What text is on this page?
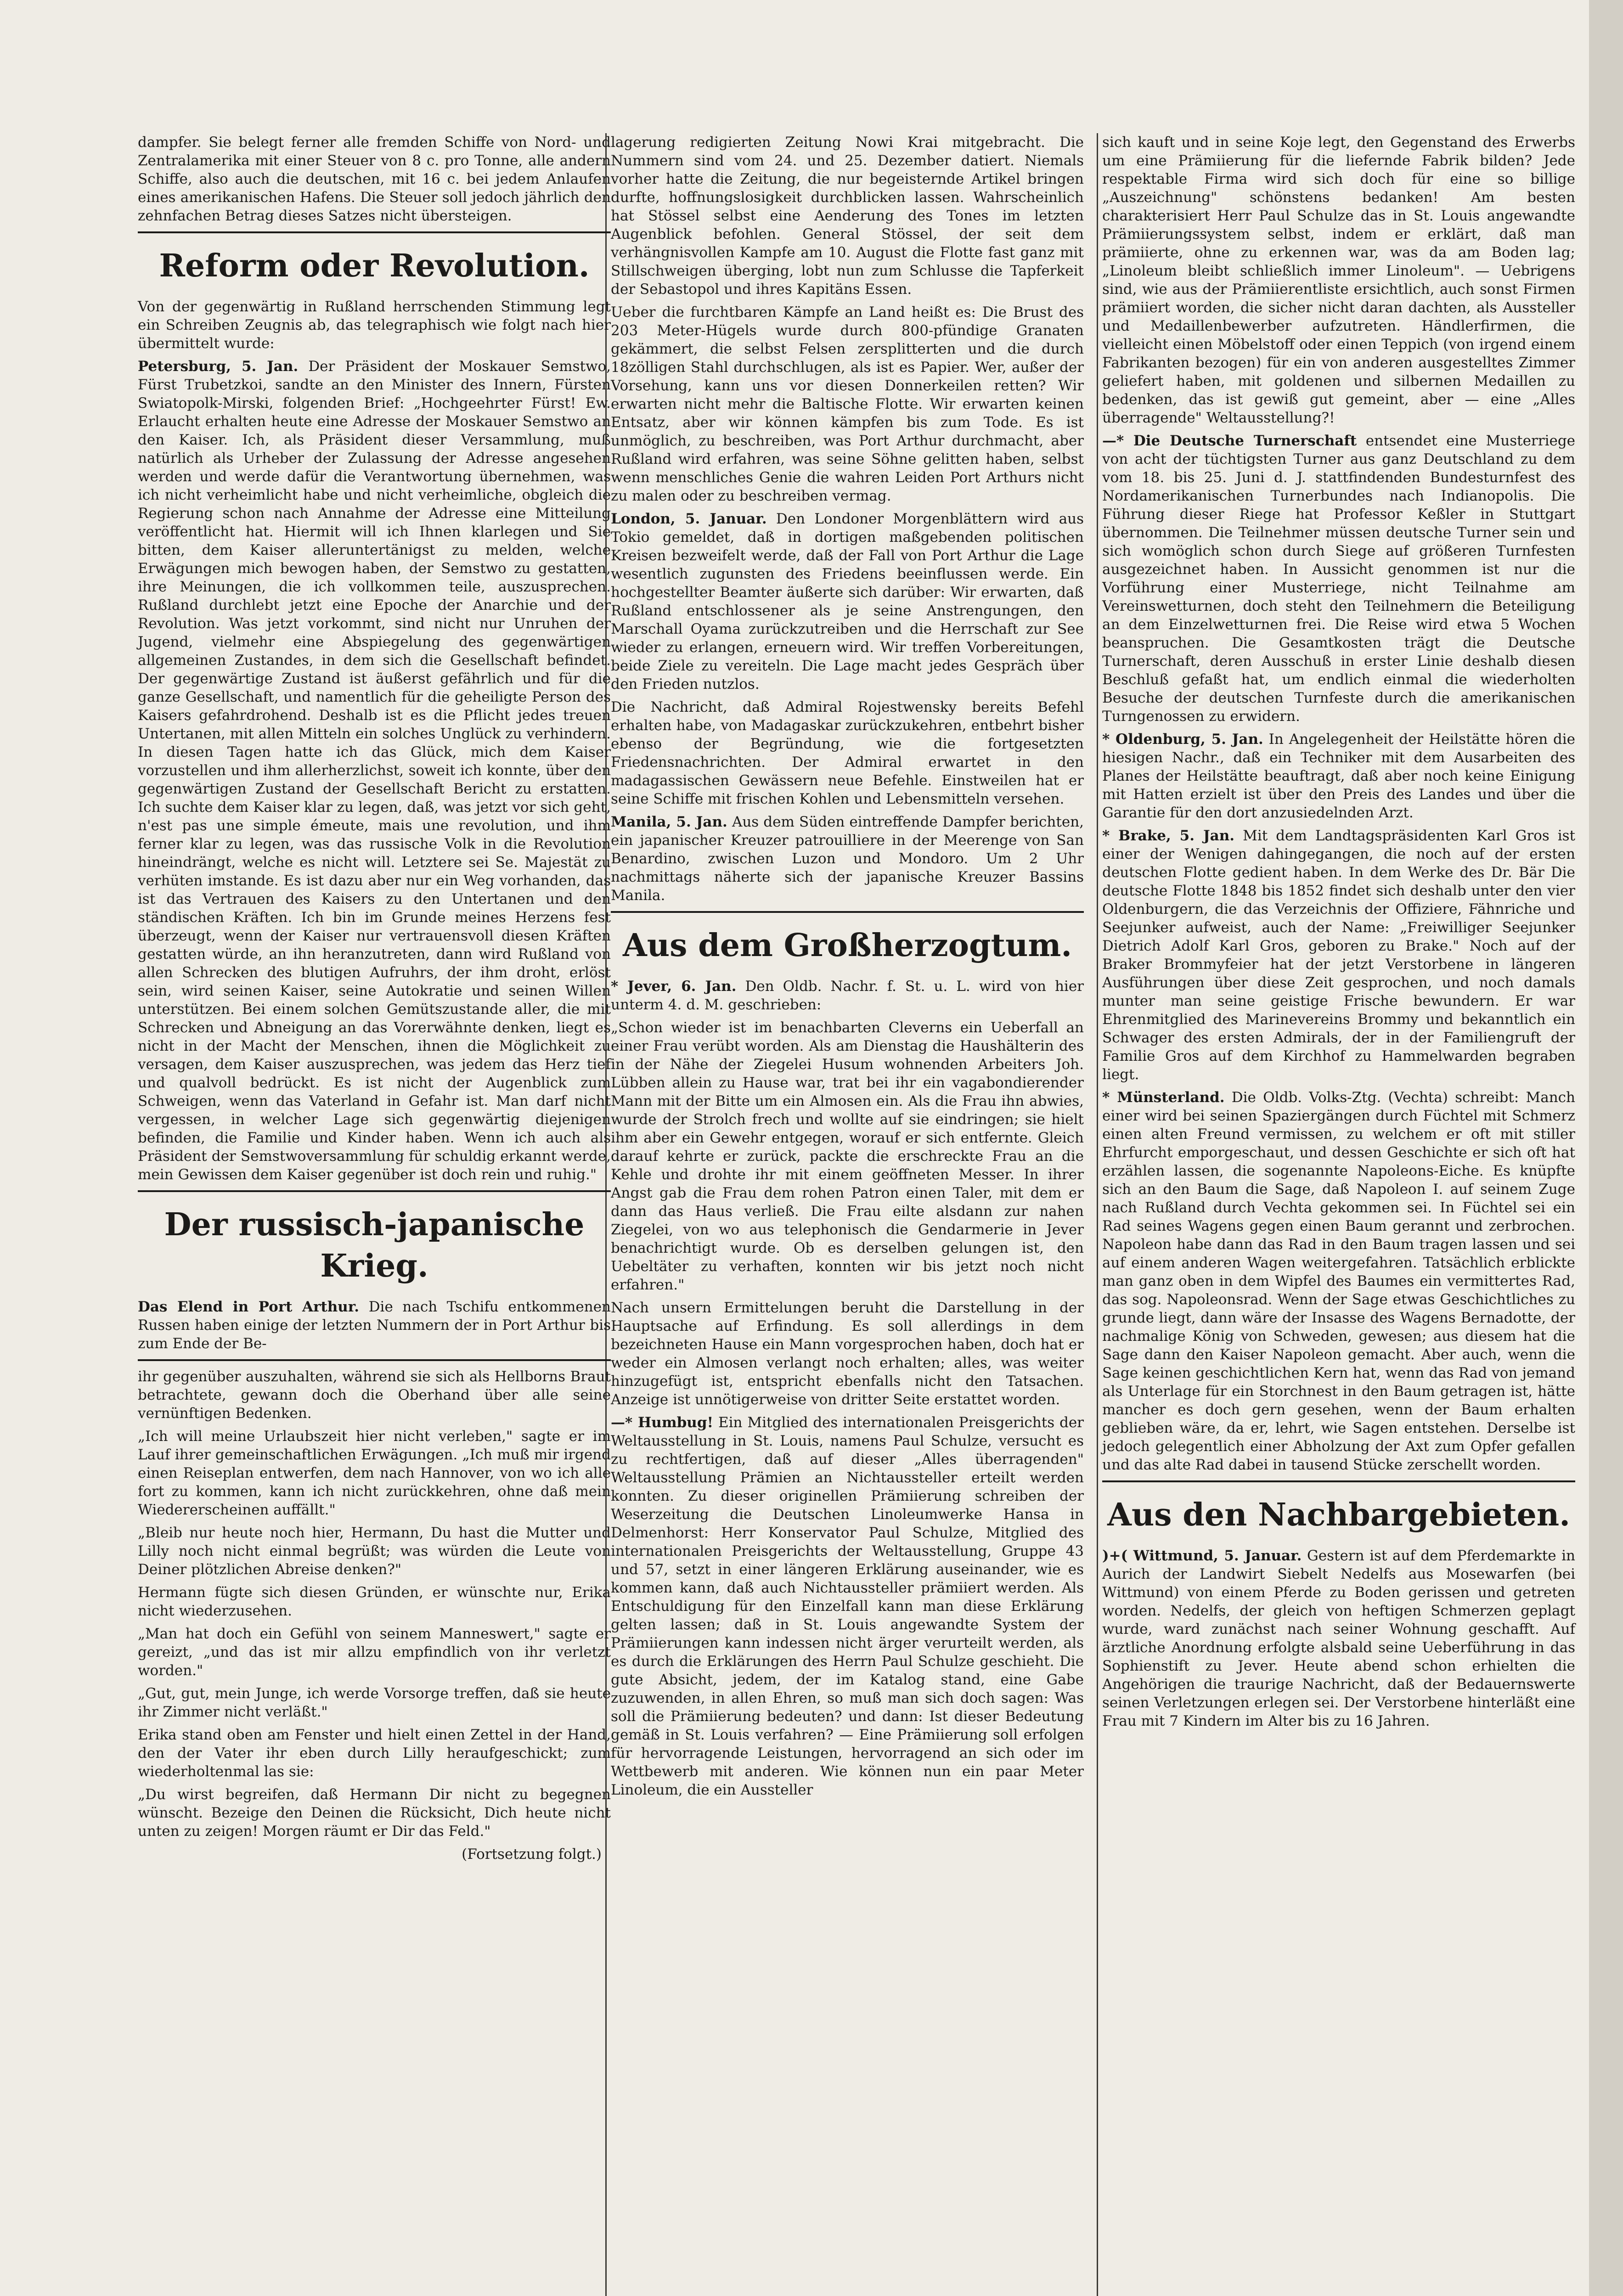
dampfer. Sie belegt ferner alle fremden Schiffe von Nord- und Zentralamerika mit einer Steuer von 8 c. pro Tonne, alle andern Schiffe, also auch die deutschen, mit 16 c. bei jedem Anlaufen eines amerikanischen Hafens. Die Steuer soll jedoch jährlich den zehnfachen Betrag dieses Satzes nicht übersteigen.

Reform oder Revolution.

Von der gegenwärtig in Rußland herrschenden Stimmung legt ein Schreiben Zeugnis ab, das telegraphisch wie folgt nach hier übermittelt wurde:

Petersburg, 5. Jan. Der Präsident der Moskauer Semstwo, Fürst Trubetzkoi, sandte an den Minister des Innern, Fürsten Swiatopolk-Mirski, folgenden Brief: „Hochgeehrter Fürst! Ew. Erlaucht erhalten heute eine Adresse der Moskauer Semstwo an den Kaiser. Ich, als Präsident dieser Versammlung, muß natürlich als Urheber der Zulassung der Adresse angesehen werden und werde dafür die Verantwortung übernehmen, was ich nicht verheimlicht habe und nicht verheimliche, obgleich die Regierung schon nach Annahme der Adresse eine Mitteilung veröffentlicht hat. Hiermit will ich Ihnen klarlegen und Sie bitten, dem Kaiser alleruntertänigst zu melden, welche Erwägungen mich bewogen haben, der Semstwo zu gestatten, ihre Meinungen, die ich vollkommen teile, auszusprechen. Rußland durchlebt jetzt eine Epoche der Anarchie und der Revolution. Was jetzt vorkommt, sind nicht nur Unruhen der Jugend, vielmehr eine Abspiegelung des gegenwärtigen allgemeinen Zustandes, in dem sich die Gesellschaft befindet. Der gegenwärtige Zustand ist äußerst gefährlich und für die ganze Gesellschaft, und namentlich für die geheiligte Person des Kaisers gefahrdrohend. Deshalb ist es die Pflicht jedes treuen Untertanen, mit allen Mitteln ein solches Unglück zu verhindern. In diesen Tagen hatte ich das Glück, mich dem Kaiser vorzustellen und ihm allerherzlichst, soweit ich konnte, über den gegenwärtigen Zustand der Gesellschaft Bericht zu erstatten. Ich suchte dem Kaiser klar zu legen, daß, was jetzt vor sich geht, n'est pas une simple émeute, mais une revolution, und ihm ferner klar zu legen, was das russische Volk in die Revolution hineindrängt, welche es nicht will. Letztere sei Se. Majestät zu verhüten imstande. Es ist dazu aber nur ein Weg vorhanden, das ist das Vertrauen des Kaisers zu den Untertanen und den ständischen Kräften. Ich bin im Grunde meines Herzens fest überzeugt, wenn der Kaiser nur vertrauensvoll diesen Kräften gestatten würde, an ihn heranzutreten, dann wird Rußland von allen Schrecken des blutigen Aufruhrs, der ihm droht, erlöst sein, wird seinen Kaiser, seine Autokratie und seinen Willen unterstützen. Bei einem solchen Gemütszustande aller, die mit Schrecken und Abneigung an das Vorerwähnte denken, liegt es nicht in der Macht der Menschen, ihnen die Möglichkeit zu versagen, dem Kaiser auszusprechen, was jedem das Herz tief und qualvoll bedrückt. Es ist nicht der Augenblick zum Schweigen, wenn das Vaterland in Gefahr ist. Man darf nicht vergessen, in welcher Lage sich gegenwärtig diejenigen befinden, die Familie und Kinder haben. Wenn ich auch als Präsident der Semstwoversammlung für schuldig erkannt werde, mein Gewissen dem Kaiser gegenüber ist doch rein und ruhig."

Der russisch-japanische Krieg.

Das Elend in Port Arthur. Die nach Tschifu entkommenen Russen haben einige der letzten Nummern der in Port Arthur bis zum Ende der Be-

ihr gegenüber auszuhalten, während sie sich als Hellborns Braut betrachtete, gewann doch die Oberhand über alle seine vernünftigen Bedenken.

„Ich will meine Urlaubszeit hier nicht verleben," sagte er im Lauf ihrer gemeinschaftlichen Erwägungen. „Ich muß mir irgend einen Reiseplan entwerfen, dem nach Hannover, von wo ich alle fort zu kommen, kann ich nicht zurückkehren, ohne daß mein Wiedererscheinen auffällt."

„Bleib nur heute noch hier, Hermann, Du hast die Mutter und Lilly noch nicht einmal begrüßt; was würden die Leute von Deiner plötzlichen Abreise denken?"

Hermann fügte sich diesen Gründen, er wünschte nur, Erika nicht wiederzusehen.

„Man hat doch ein Gefühl von seinem Manneswert," sagte er gereizt, „und das ist mir allzu empfindlich von ihr verletzt worden."

„Gut, gut, mein Junge, ich werde Vorsorge treffen, daß sie heute ihr Zimmer nicht verläßt."

Erika stand oben am Fenster und hielt einen Zettel in der Hand, den der Vater ihr eben durch Lilly heraufgeschickt; zum wiederholtenmal las sie:

„Du wirst begreifen, daß Hermann Dir nicht zu begegnen wünscht. Bezeige den Deinen die Rücksicht, Dich heute nicht unten zu zeigen! Morgen räumt er Dir das Feld."

(Fortsetzung folgt.)

lagerung redigierten Zeitung Nowi Krai mitgebracht. Die Nummern sind vom 24. und 25. Dezember datiert. Niemals vorher hatte die Zeitung, die nur begeisternde Artikel bringen durfte, hoffnungslosigkeit durchblicken lassen. Wahrscheinlich hat Stössel selbst eine Aenderung des Tones im letzten Augenblick befohlen. General Stössel, der seit dem verhängnisvollen Kampfe am 10. August die Flotte fast ganz mit Stillschweigen überging, lobt nun zum Schlusse die Tapferkeit der Sebastopol und ihres Kapitäns Essen.

Ueber die furchtbaren Kämpfe an Land heißt es: Die Brust des 203 Meter-Hügels wurde durch 800-pfündige Granaten gekämmert, die selbst Felsen zersplitterten und die durch 18zölligen Stahl durchschlugen, als ist es Papier. Wer, außer der Vorsehung, kann uns vor diesen Donnerkeilen retten? Wir erwarten nicht mehr die Baltische Flotte. Wir erwarten keinen Entsatz, aber wir können kämpfen bis zum Tode. Es ist unmöglich, zu beschreiben, was Port Arthur durchmacht, aber Rußland wird erfahren, was seine Söhne gelitten haben, selbst wenn menschliches Genie die wahren Leiden Port Arthurs nicht zu malen oder zu beschreiben vermag.

London, 5. Januar. Den Londoner Morgenblättern wird aus Tokio gemeldet, daß in dortigen maßgebenden politischen Kreisen bezweifelt werde, daß der Fall von Port Arthur die Lage wesentlich zugunsten des Friedens beeinflussen werde. Ein hochgestellter Beamter äußerte sich darüber: Wir erwarten, daß Rußland entschlossener als je seine Anstrengungen, den Marschall Oyama zurückzutreiben und die Herrschaft zur See wieder zu erlangen, erneuern wird. Wir treffen Vorbereitungen, beide Ziele zu vereiteln. Die Lage macht jedes Gespräch über den Frieden nutzlos.

Die Nachricht, daß Admiral Rojestwensky bereits Befehl erhalten habe, von Madagaskar zurückzukehren, entbehrt bisher ebenso der Begründung, wie die fortgesetzten Friedensnachrichten. Der Admiral erwartet in den madagassischen Gewässern neue Befehle. Einstweilen hat er seine Schiffe mit frischen Kohlen und Lebensmitteln versehen.

Manila, 5. Jan. Aus dem Süden eintreffende Dampfer berichten, ein japanischer Kreuzer patrouilliere in der Meerenge von San Benardino, zwischen Luzon und Mondoro. Um 2 Uhr nachmittags näherte sich der japanische Kreuzer Bassins Manila.

Aus dem Großherzogtum.

* Jever, 6. Jan. Den Oldb. Nachr. f. St. u. L. wird von hier unterm 4. d. M. geschrieben:

„Schon wieder ist im benachbarten Cleverns ein Ueberfall an einer Frau verübt worden. Als am Dienstag die Haushälterin des in der Nähe der Ziegelei Husum wohnenden Arbeiters Joh. Lübben allein zu Hause war, trat bei ihr ein vagabondierender Mann mit der Bitte um ein Almosen ein. Als die Frau ihn abwies, wurde der Strolch frech und wollte auf sie eindringen; sie hielt ihm aber ein Gewehr entgegen, worauf er sich entfernte. Gleich darauf kehrte er zurück, packte die erschreckte Frau an die Kehle und drohte ihr mit einem geöffneten Messer. In ihrer Angst gab die Frau dem rohen Patron einen Taler, mit dem er dann das Haus verließ. Die Frau eilte alsdann zur nahen Ziegelei, von wo aus telephonisch die Gendarmerie in Jever benachrichtigt wurde. Ob es derselben gelungen ist, den Uebeltäter zu verhaften, konnten wir bis jetzt noch nicht erfahren."

Nach unsern Ermittelungen beruht die Darstellung in der Hauptsache auf Erfindung. Es soll allerdings in dem bezeichneten Hause ein Mann vorgesprochen haben, doch hat er weder ein Almosen verlangt noch erhalten; alles, was weiter hinzugefügt ist, entspricht ebenfalls nicht den Tatsachen. Anzeige ist unnötigerweise von dritter Seite erstattet worden.

—* Humbug! Ein Mitglied des internationalen Preisgerichts der Weltausstellung in St. Louis, namens Paul Schulze, versucht es zu rechtfertigen, daß auf dieser „Alles überragenden" Weltausstellung Prämien an Nichtaussteller erteilt werden konnten. Zu dieser originellen Prämiierung schreiben der Weserzeitung die Deutschen Linoleumwerke Hansa in Delmenhorst: Herr Konservator Paul Schulze, Mitglied des internationalen Preisgerichts der Weltausstellung, Gruppe 43 und 57, setzt in einer längeren Erklärung auseinander, wie es kommen kann, daß auch Nichtaussteller prämiiert werden. Als Entschuldigung für den Einzelfall kann man diese Erklärung gelten lassen; daß in St. Louis angewandte System der Prämiierungen kann indessen nicht ärger verurteilt werden, als es durch die Erklärungen des Herrn Paul Schulze geschieht. Die gute Absicht, jedem, der im Katalog stand, eine Gabe zuzuwenden, in allen Ehren, so muß man sich doch sagen: Was soll die Prämiierung bedeuten? und dann: Ist dieser Bedeutung gemäß in St. Louis verfahren? — Eine Prämiierung soll erfolgen für hervorragende Leistungen, hervorragend an sich oder im Wettbewerb mit anderen. Wie können nun ein paar Meter Linoleum, die ein Aussteller

sich kauft und in seine Koje legt, den Gegenstand des Erwerbs um eine Prämiierung für die liefernde Fabrik bilden? Jede respektable Firma wird sich doch für eine so billige „Auszeichnung" schönstens bedanken! Am besten charakterisiert Herr Paul Schulze das in St. Louis angewandte Prämiierungssystem selbst, indem er erklärt, daß man prämiierte, ohne zu erkennen war, was da am Boden lag; „Linoleum bleibt schließlich immer Linoleum". — Uebrigens sind, wie aus der Prämiierentliste ersichtlich, auch sonst Firmen prämiiert worden, die sicher nicht daran dachten, als Aussteller und Medaillenbewerber aufzutreten. Händlerfirmen, die vielleicht einen Möbelstoff oder einen Teppich (von irgend einem Fabrikanten bezogen) für ein von anderen ausgestelltes Zimmer geliefert haben, mit goldenen und silbernen Medaillen zu bedenken, das ist gewiß gut gemeint, aber — eine „Alles überragende" Weltausstellung?!

—* Die Deutsche Turnerschaft entsendet eine Musterriege von acht der tüchtigsten Turner aus ganz Deutschland zu dem vom 18. bis 25. Juni d. J. stattfindenden Bundesturnfest des Nordamerikanischen Turnerbundes nach Indianopolis. Die Führung dieser Riege hat Professor Keßler in Stuttgart übernommen. Die Teilnehmer müssen deutsche Turner sein und sich womöglich schon durch Siege auf größeren Turnfesten ausgezeichnet haben. In Aussicht genommen ist nur die Vorführung einer Musterriege, nicht Teilnahme am Vereinswetturnen, doch steht den Teilnehmern die Beteiligung an dem Einzelwetturnen frei. Die Reise wird etwa 5 Wochen beanspruchen. Die Gesamtkosten trägt die Deutsche Turnerschaft, deren Ausschuß in erster Linie deshalb diesen Beschluß gefaßt hat, um endlich einmal die wiederholten Besuche der deutschen Turnfeste durch die amerikanischen Turngenossen zu erwidern.

* Oldenburg, 5. Jan. In Angelegenheit der Heilstätte hören die hiesigen Nachr., daß ein Techniker mit dem Ausarbeiten des Planes der Heilstätte beauftragt, daß aber noch keine Einigung mit Hatten erzielt ist über den Preis des Landes und über die Garantie für den dort anzusiedelnden Arzt.

* Brake, 5. Jan. Mit dem Landtagspräsidenten Karl Gros ist einer der Wenigen dahingegangen, die noch auf der ersten deutschen Flotte gedient haben. In dem Werke des Dr. Bär Die deutsche Flotte 1848 bis 1852 findet sich deshalb unter den vier Oldenburgern, die das Verzeichnis der Offiziere, Fähnriche und Seejunker aufweist, auch der Name: „Freiwilliger Seejunker Dietrich Adolf Karl Gros, geboren zu Brake." Noch auf der Braker Brommyfeier hat der jetzt Verstorbene in längeren Ausführungen über diese Zeit gesprochen, und noch damals munter man seine geistige Frische bewundern. Er war Ehrenmitglied des Marinevereins Brommy und bekanntlich ein Schwager des ersten Admirals, der in der Familiengruft der Familie Gros auf dem Kirchhof zu Hammelwarden begraben liegt.

* Münsterland. Die Oldb. Volks-Ztg. (Vechta) schreibt: Manch einer wird bei seinen Spaziergängen durch Füchtel mit Schmerz einen alten Freund vermissen, zu welchem er oft mit stiller Ehrfurcht emporgeschaut, und dessen Geschichte er sich oft hat erzählen lassen, die sogenannte Napoleons-Eiche. Es knüpfte sich an den Baum die Sage, daß Napoleon I. auf seinem Zuge nach Rußland durch Vechta gekommen sei. In Füchtel sei ein Rad seines Wagens gegen einen Baum gerannt und zerbrochen. Napoleon habe dann das Rad in den Baum tragen lassen und sei auf einem anderen Wagen weitergefahren. Tatsächlich erblickte man ganz oben in dem Wipfel des Baumes ein vermittertes Rad, das sog. Napoleonsrad. Wenn der Sage etwas Geschichtliches zu grunde liegt, dann wäre der Insasse des Wagens Bernadotte, der nachmalige König von Schweden, gewesen; aus diesem hat die Sage dann den Kaiser Napoleon gemacht. Aber auch, wenn die Sage keinen geschichtlichen Kern hat, wenn das Rad von jemand als Unterlage für ein Storchnest in den Baum getragen ist, hätte mancher es doch gern gesehen, wenn der Baum erhalten geblieben wäre, da er, lehrt, wie Sagen entstehen. Derselbe ist jedoch gelegentlich einer Abholzung der Axt zum Opfer gefallen und das alte Rad dabei in tausend Stücke zerschellt worden.

Aus den Nachbargebieten.

)+( Wittmund, 5. Januar. Gestern ist auf dem Pferdemarkte in Aurich der Landwirt Siebelt Nedelfs aus Mosewarfen (bei Wittmund) von einem Pferde zu Boden gerissen und getreten worden. Nedelfs, der gleich von heftigen Schmerzen geplagt wurde, ward zunächst nach seiner Wohnung geschafft. Auf ärztliche Anordnung erfolgte alsbald seine Ueberführung in das Sophienstift zu Jever. Heute abend schon erhielten die Angehörigen die traurige Nachricht, daß der Bedauernswerte seinen Verletzungen erlegen sei. Der Verstorbene hinterläßt eine Frau mit 7 Kindern im Alter bis zu 16 Jahren.
